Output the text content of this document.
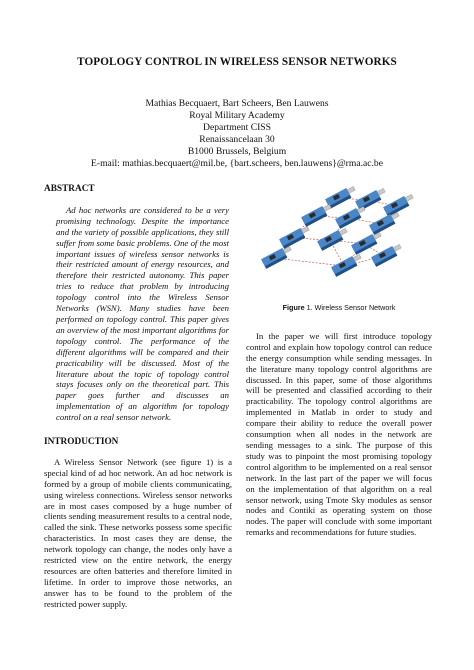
TOPOLOGY CONTROL IN WIRELESS SENSOR NETWORKS
Mathias Becquaert, Bart Scheers, Ben Lauwens
Royal Military Academy
Department CISS
Renaissancelaan 30
B1000 Brussels, Belgium
E-mail: mathias.becquaert@mil.be, {bart.scheers, ben.lauwens}@rma.ac.be
ABSTRACT

Ad hoc networks are considered to be a very promising technology. Despite the importance and the variety of possible applications, they still suffer from some basic problems. One of the most important issues of wireless sensor networks is their restricted amount of energy resources, and therefore their restricted autonomy. This paper tries to reduce that problem by introducing topology control into the Wireless Sensor Networks (WSN). Many studies have been performed on topology control. This paper gives an overview of the most important algorithms for topology control. The performance of the different algorithms will be compared and their practicability will be discussed. Most of the literature about the topic of topology control stays focuses only on the theoretical part. This paper goes further and discusses an implementation of an algorithm for topology control on a real sensor network.

INTRODUCTION

A Wireless Sensor Network (see figure 1) is a special kind of ad hoc network. An ad hoc network is formed by a group of mobile clients communicating, using wireless connections. Wireless sensor networks are in most cases composed by a huge number of clients sending measurement results to a central node, called the sink. These networks possess some specific characteristics. In most cases they are dense, the network topology can change, the nodes only have a restricted view on the entire network, the energy resources are often batteries and therefore limited in lifetime. In order to improve those networks, an answer has to be found to the problem of the restricted power supply.

Figure 1. Wireless Sensor Network

In the paper we will first introduce topology control and explain how topology control can reduce the energy consumption while sending messages. In the literature many topology control algorithms are discussed. In this paper, some of those algorithms will be presented and classified according to their practicability. The topology control algorithms are implemented in Matlab in order to study and compare their ability to reduce the overall power consumption when all nodes in the network are sending messages to a sink. The purpose of this study was to pinpoint the most promising topology control algorithm to be implemented on a real sensor network. In the last part of the paper we will focus on the implementation of that algorithm on a real sensor network, using Tmote Sky modules as sensor nodes and Contiki as operating system on those nodes. The paper will conclude with some important remarks and recommendations for future studies.
